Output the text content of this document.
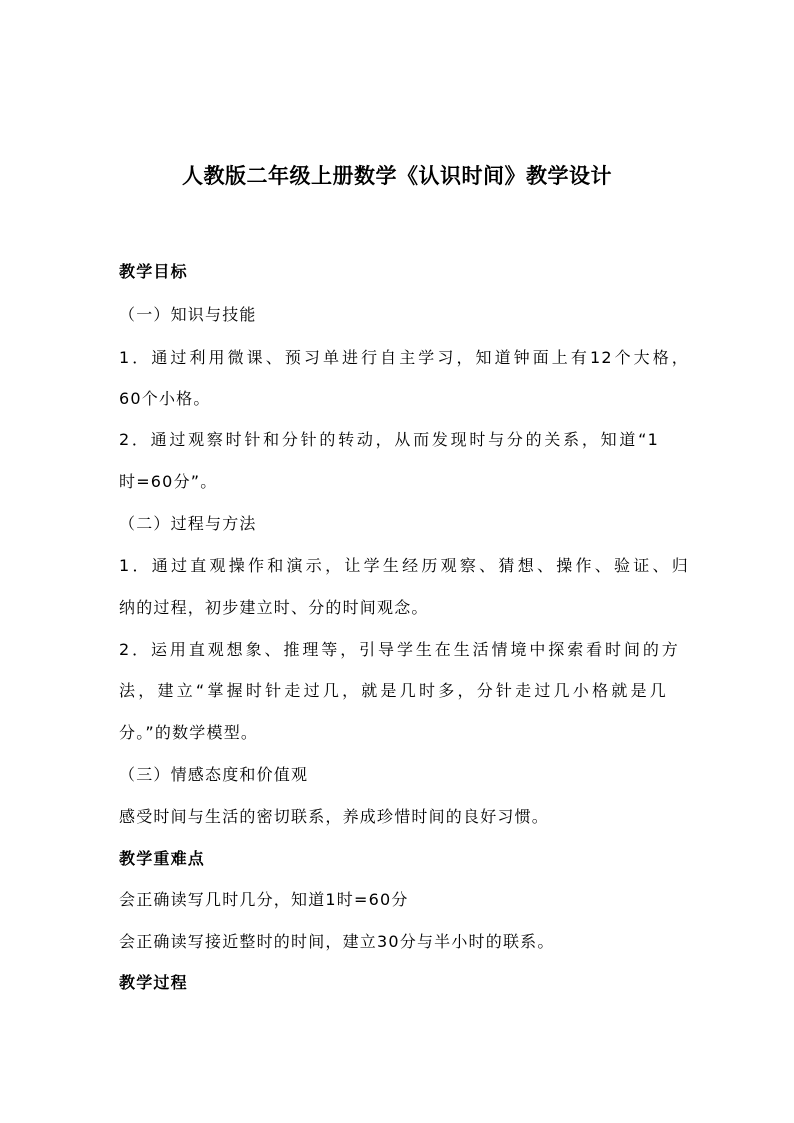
人教版二年级上册数学《认识时间》教学设计
教学目标
（一）知识与技能
1．通过利用微课、预习单进行自主学习，知道钟面上有12个大格，
60个小格。
2．通过观察时针和分针的转动，从而发现时与分的关系，知道“1
时=60分”。
（二）过程与方法
1．通过直观操作和演示，让学生经历观察、猜想、操作、验证、归
纳的过程，初步建立时、分的时间观念。
2．运用直观想象、推理等，引导学生在生活情境中探索看时间的方
法，建立“掌握时针走过几，就是几时多，分针走过几小格就是几
分。”的数学模型。
（三）情感态度和价值观
感受时间与生活的密切联系，养成珍惜时间的良好习惯。
教学重难点
会正确读写几时几分，知道1时=60分
会正确读写接近整时的时间，建立30分与半小时的联系。
教学过程
